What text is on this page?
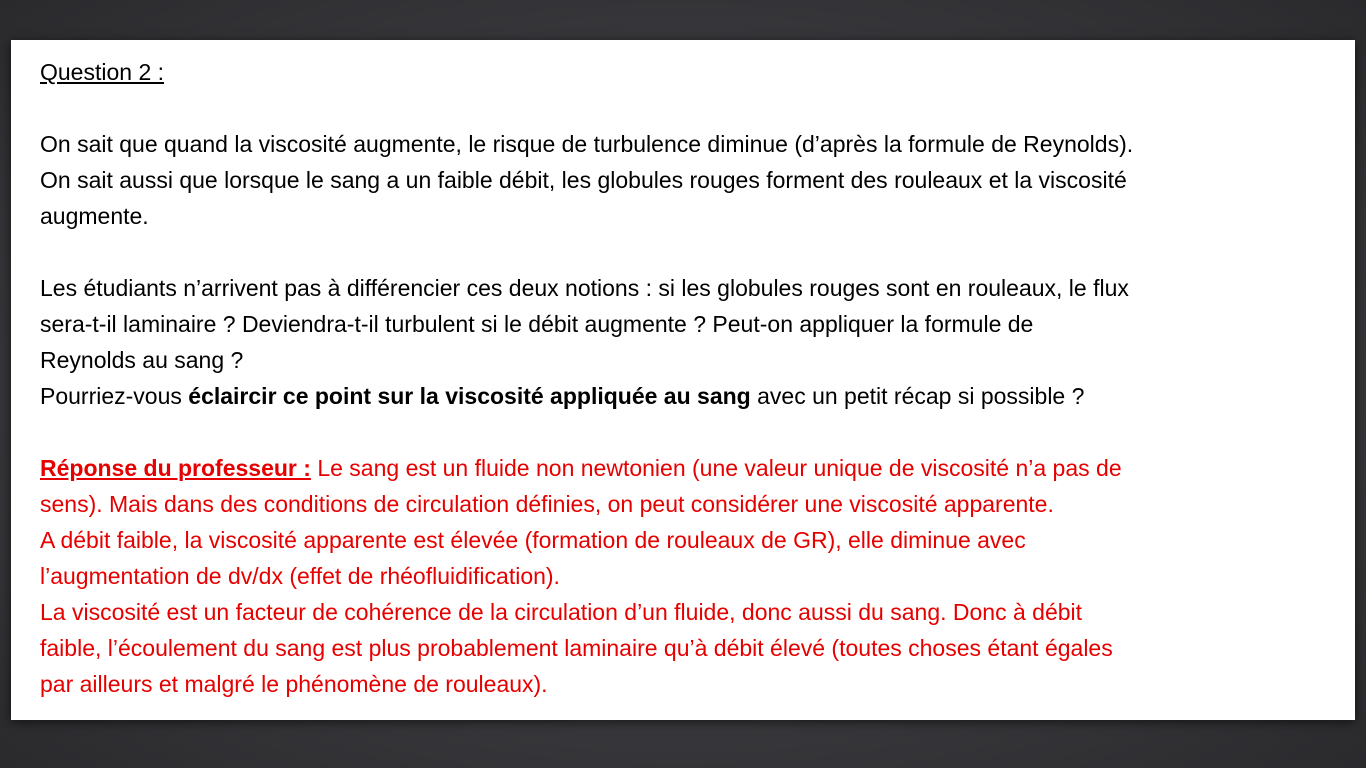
Question 2 :

On sait que quand la viscosité augmente, le risque de turbulence diminue (d’après la formule de Reynolds).

On sait aussi que lorsque le sang a un faible débit, les globules rouges forment des rouleaux et la viscosité

augmente.

Les étudiants n’arrivent pas à différencier ces deux notions : si les globules rouges sont en rouleaux, le flux

sera-t-il laminaire ? Deviendra-t-il turbulent si le débit augmente ? Peut-on appliquer la formule de

Reynolds au sang ?

Pourriez-vous éclaircir ce point sur la viscosité appliquée au sang avec un petit récap si possible ?

Réponse du professeur : Le sang est un fluide non newtonien (une valeur unique de viscosité n’a pas de

sens). Mais dans des conditions de circulation définies, on peut considérer une viscosité apparente.

A débit faible, la viscosité apparente est élevée (formation de rouleaux de GR), elle diminue avec

l’augmentation de dv/dx (effet de rhéofluidification).

La viscosité est un facteur de cohérence de la circulation d’un fluide, donc aussi du sang. Donc à débit

faible, l’écoulement du sang est plus probablement laminaire qu’à débit élevé (toutes choses étant égales

par ailleurs et malgré le phénomène de rouleaux).
